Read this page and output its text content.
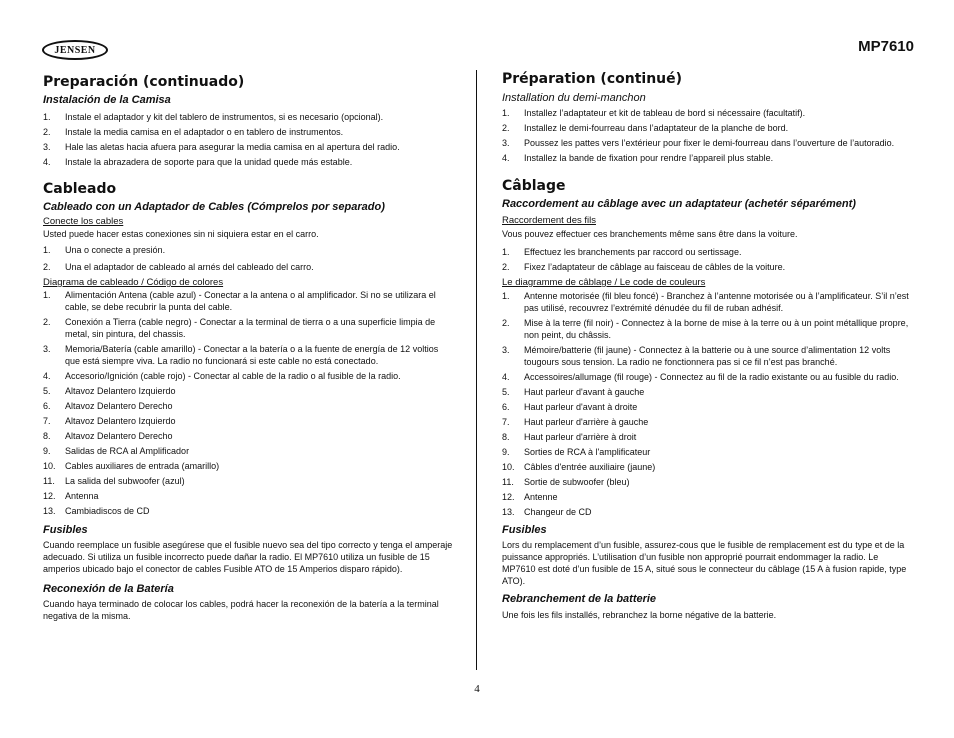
JENSEN	MP7610
Preparación (continuado)

Instalación de la Camisa

1.	Instale el adaptador y kit del tablero de instrumentos, si es necesario (opcional).
2.	Instale la media camisa en el adaptador o en tablero de instrumentos.
3.	Hale las aletas hacia afuera para asegurar la media camisa en al apertura del radio.
4.	Instale la abrazadera de soporte para que la unidad quede más estable.
Cableado

Cableado con un Adaptador de Cables (Cómprelos por separado)

Conecte los cables

Usted puede hacer estas conexiones sin ni siquiera estar en el carro.

1.	Una o conecte a presión.
2.	Una el adaptador de cableado al arnés del cableado del carro.

Diagrama de cableado / Código de colores

1.	Alimentación Antena (cable azul) - Conectar a la antena o al amplificador. Si no se utilizara el cable, se debe recubrir la punta del cable.
2.	Conexión a Tierra (cable negro) - Conectar a la terminal de tierra o a una superficie limpia de metal, sin pintura, del chassis.
3.	Memoria/Batería (cable amarillo) - Conectar a la batería o a la fuente de energía de 12 voltios que está siempre viva. La radio no funcionará si este cable no está conectado.
4.	Accesorio/Ignición (cable rojo) - Conectar al cable de la radio o al fusible de la radio.
5.	Altavoz Delantero Izquierdo
6.	Altavoz Delantero Derecho
7.	Altavoz Delantero Izquierdo
8.	Altavoz Delantero Derecho
9.	Salidas de RCA al Amplificador
10.	Cables auxiliares de entrada (amarillo)
11.	La salida del subwoofer (azul)
12.	Antenna
13.	Cambiadiscos de CD

Fusibles

Cuando reemplace un fusible asegúrese que el fusible nuevo sea del tipo correcto y tenga el amperaje adecuado. Si utiliza un fusible incorrecto puede dañar la radio. El MP7610 utiliza un fusible de 15 amperios ubicado bajo el conector de cables Fusible ATO de 15 Amperios disparo rápido).

Reconexión de la Batería

Cuando haya terminado de colocar los cables, podrá hacer la reconexión de la batería a la terminal negativa de la misma.

Préparation (continué)

Installation du demi-manchon

1.	Installez l’adaptateur et kit de tableau de bord si nécessaire (facultatif).
2.	Installez le demi-fourreau dans l’adaptateur de la planche de bord.
3.	Poussez les pattes vers l’extérieur pour fixer le demi-fourreau dans l’ouverture de l’autoradio.
4.	Installez la bande de fixation pour rendre l’appareil plus stable.
Câblage

Raccordement au câblage avec un adaptateur (achetér séparément)

Raccordement des fils

Vous pouvez effectuer ces branchements même sans être dans la voiture.

1.	Effectuez les branchements par raccord ou sertissage.
2.	Fixez l’adaptateur de câblage au faisceau de câbles de la voiture.

Le diagramme de câblage / Le code de couleurs

1.	Antenne motorisée (fil bleu foncé) - Branchez à l’antenne motorisée ou à l’amplificateur. S’il n’est pas utilisé, recouvrez l’extrémité dénudée du fil de ruban adhésif.
2.	Mise à la terre (fil noir) - Connectez à la borne de mise à la terre ou à un point métallique propre, non peint, du châssis.
3.	Mémoire/batterie (fil jaune) - Connectez à la batterie ou à une source d’alimentation 12 volts tougours sous tension. La radio ne fonctionnera pas si ce fil n’est pas branché.
4.	Accessoires/allumage (fil rouge) - Connectez au fil de la radio existante ou au fusible du radio.
5.	Haut parleur d'avant à gauche
6.	Haut parleur d'avant à droite
7.	Haut parleur d'arrière à gauche
8.	Haut parleur d'arrière à droit
9.	Sorties de RCA à l'amplificateur
10.	Câbles d'entrée auxiliaire (jaune)
11.	Sortie de subwoofer (bleu)
12.	Antenne
13.	Changeur de CD

Fusibles

Lors du remplacement d’un fusible, assurez-cous que le fusible de remplacement est du type et de la puissance appropriés. L’utilisation d’un fusible non approprié pourrait endommager la radio. Le MP7610 est doté d’un fusible de 15 A, situé sous le connecteur du câblage (15 A à fusion rapide, type ATO).

Rebranchement de la batterie

Une fois les fils installés, rebranchez la borne négative de la batterie.

4
